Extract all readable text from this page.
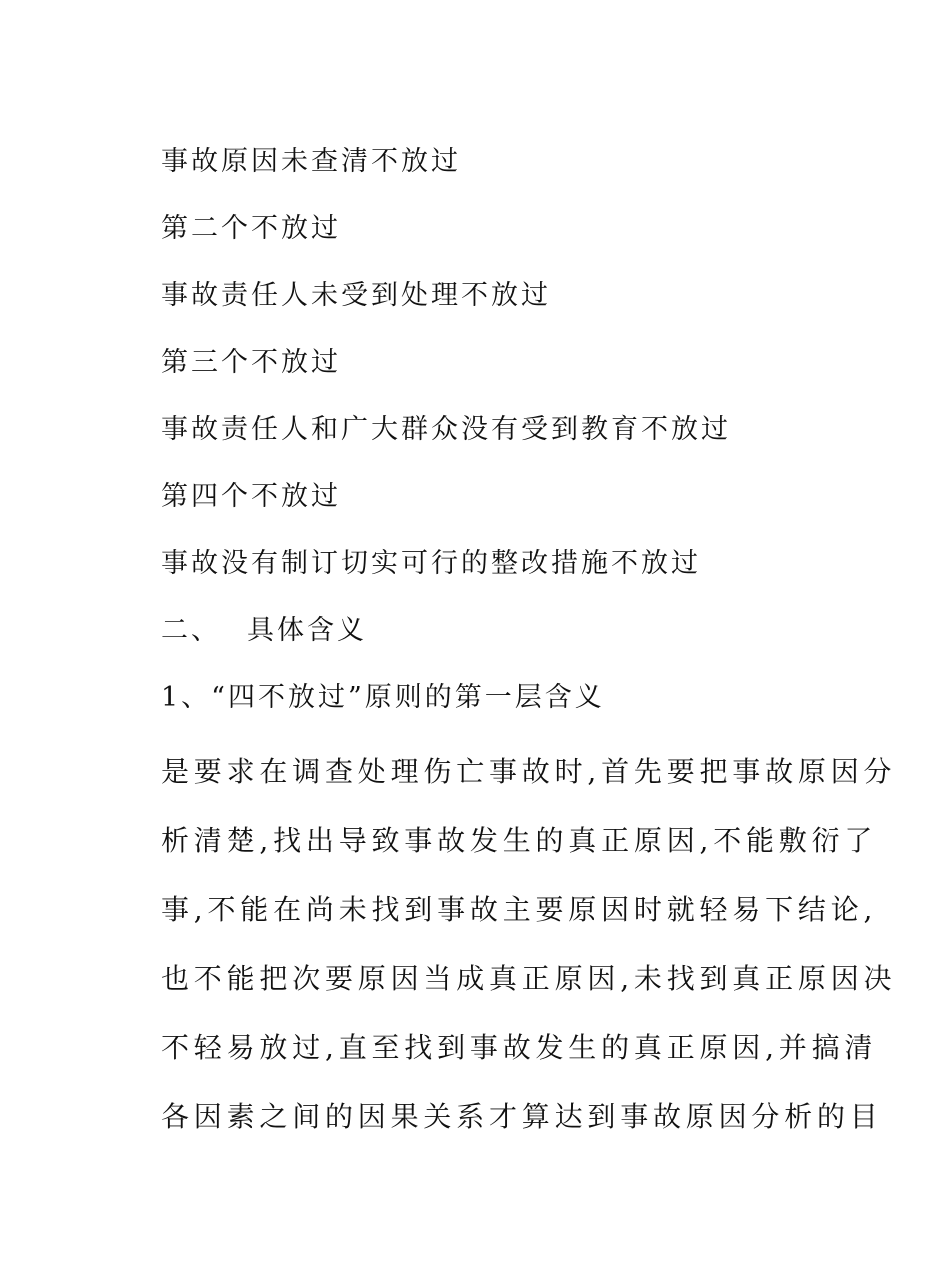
事故原因未查清不放过
第二个不放过
事故责任人未受到处理不放过
第三个不放过
事故责任人和广大群众没有受到教育不放过
第四个不放过
事故没有制订切实可行的整改措施不放过
二、 具体含义
1、“四不放过”原则的第一层含义
是要求在调查处理伤亡事故时,首先要把事故原因分
析清楚,找出导致事故发生的真正原因,不能敷衍了
事,不能在尚未找到事故主要原因时就轻易下结论,
也不能把次要原因当成真正原因,未找到真正原因决
不轻易放过,直至找到事故发生的真正原因,并搞清
各因素之间的因果关系才算达到事故原因分析的目
